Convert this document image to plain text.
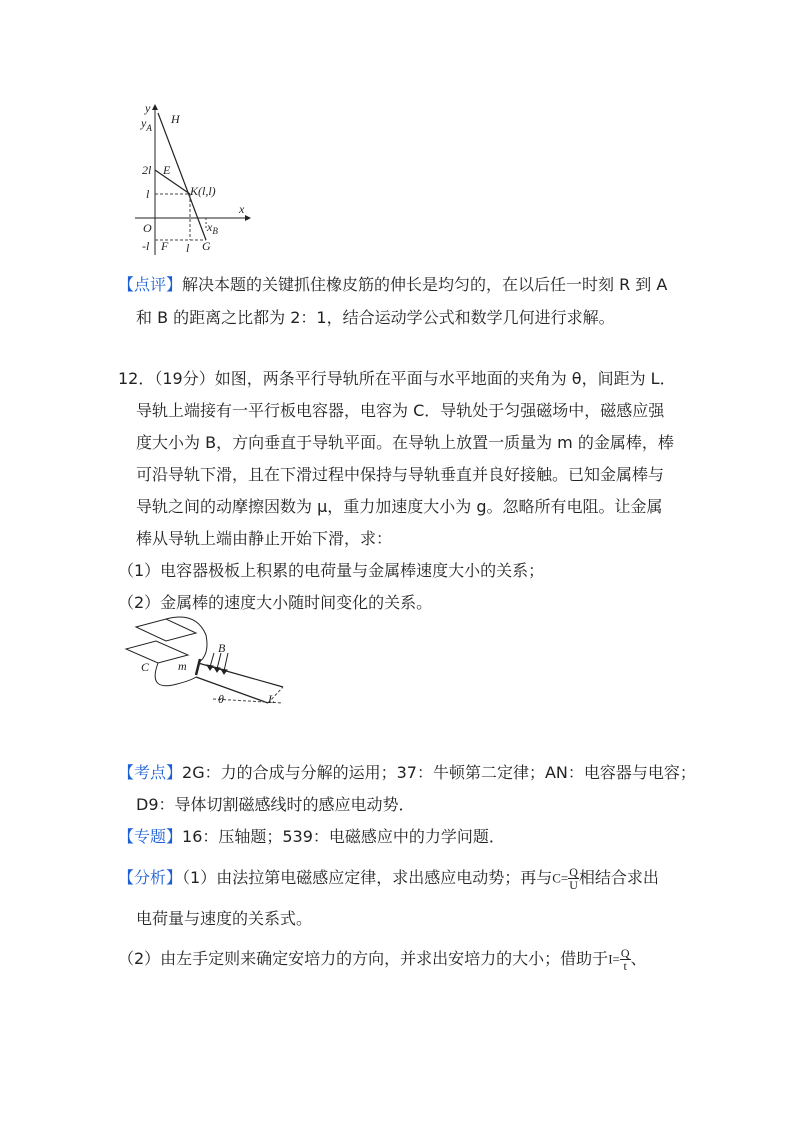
y
$y_A$
H
2l E
l	K(l,l)
x
O	$x_B$
-l F l G
【点评】解决本题的关键抓住橡皮筋的伸长是均匀的，在以后任一时刻 R 到 A
和 B 的距离之比都为 2：1，结合运动学公式和数学几何进行求解。
12．（19分）如图，两条平行导轨所在平面与水平地面的夹角为 θ，间距为 L．
导轨上端接有一平行板电容器，电容为 C．导轨处于匀强磁场中，磁感应强
度大小为 B，方向垂直于导轨平面。在导轨上放置一质量为 m 的金属棒，棒
可沿导轨下滑，且在下滑过程中保持与导轨垂直并良好接触。已知金属棒与
导轨之间的动摩擦因数为 μ，重力加速度大小为 g。忽略所有电阻。让金属
棒从导轨上端由静止开始下滑，求：
（1）电容器极板上积累的电荷量与金属棒速度大小的关系；
（2）金属棒的速度大小随时间变化的关系。
C m
B
θ	L
【考点】2G：力的合成与分解的运用；37：牛顿第二定律；AN：电容器与电容；
D9：导体切割磁感线时的感应电动势．
【专题】16：压轴题；539：电磁感应中的力学问题．
【分析】（1）由法拉第电磁感应定律，求出感应电动势；再与$C= \frac{Q}{U}$ 相结合求出
电荷量与速度的关系式。
（2）由左手定则来确定安培力的方向，并求出安培力的大小；借助于$I= \frac{Q}{t}$ 、
